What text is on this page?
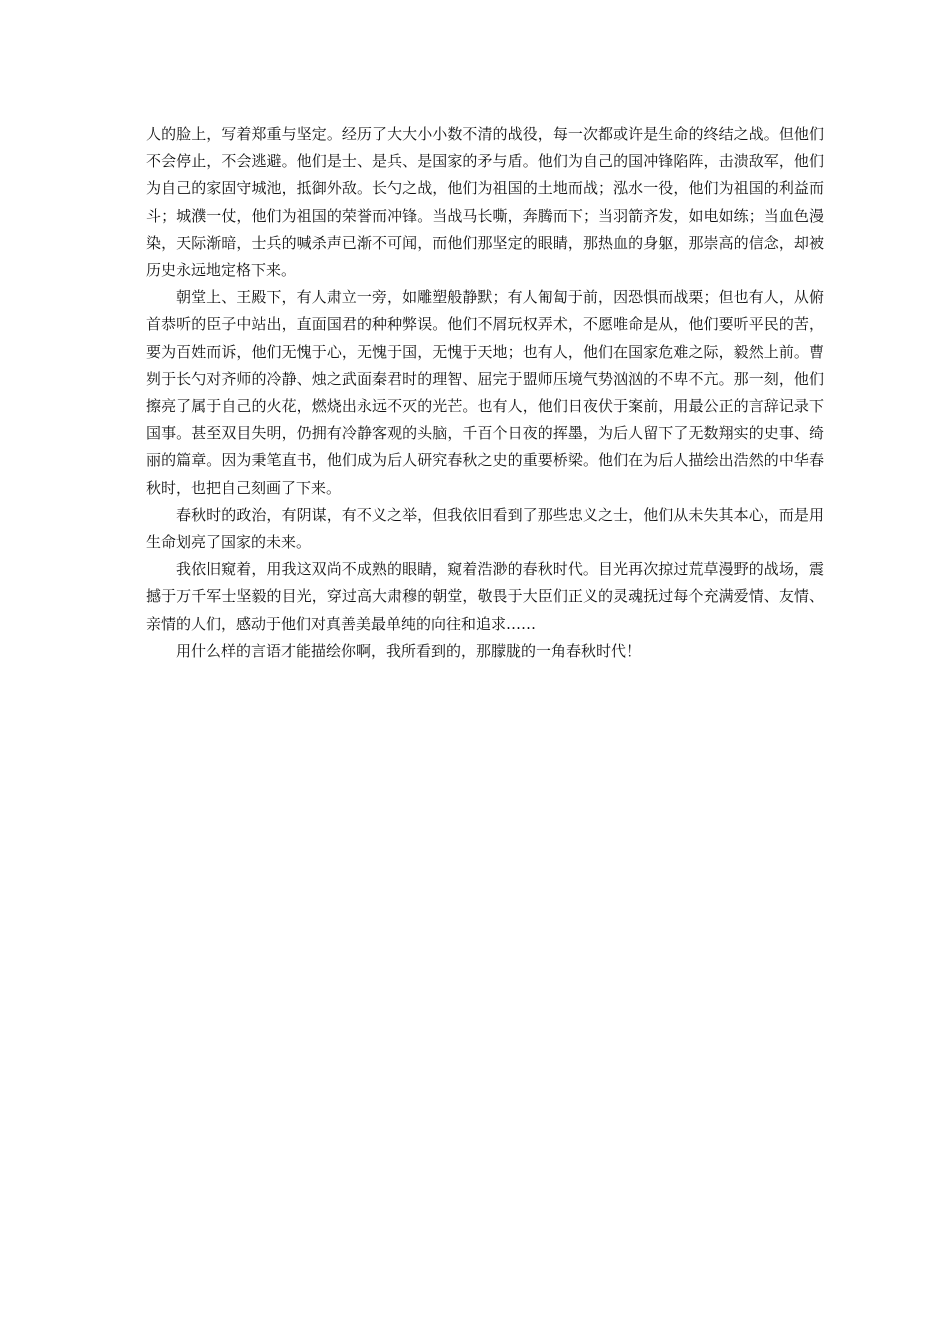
人的脸上，写着郑重与坚定。经历了大大小小数不清的战役，每一次都或许是生命的终结之战。但他们不会停止，不会逃避。他们是士、是兵、是国家的矛与盾。他们为自己的国冲锋陷阵，击溃敌军，他们为自己的家固守城池，抵御外敌。长勺之战，他们为祖国的土地而战；泓水一役，他们为祖国的利益而斗；城濮一仗，他们为祖国的荣誉而冲锋。当战马长嘶，奔腾而下；当羽箭齐发，如电如练；当血色漫染，天际渐暗，士兵的喊杀声已渐不可闻，而他们那坚定的眼睛，那热血的身躯，那崇高的信念，却被历史永远地定格下来。

朝堂上、王殿下，有人肃立一旁，如雕塑般静默；有人匍匐于前，因恐惧而战栗；但也有人，从俯首恭听的臣子中站出，直面国君的种种弊误。他们不屑玩权弄术，不愿唯命是从，他们要听平民的苦，要为百姓而诉，他们无愧于心，无愧于国，无愧于天地；也有人，他们在国家危难之际，毅然上前。曹刿于长勺对齐师的冷静、烛之武面秦君时的理智、屈完于盟师压境气势汹汹的不卑不亢。那一刻，他们擦亮了属于自己的火花，燃烧出永远不灭的光芒。也有人，他们日夜伏于案前，用最公正的言辞记录下国事。甚至双目失明，仍拥有冷静客观的头脑，千百个日夜的挥墨，为后人留下了无数翔实的史事、绮丽的篇章。因为秉笔直书，他们成为后人研究春秋之史的重要桥梁。他们在为后人描绘出浩然的中华春秋时，也把自己刻画了下来。

春秋时的政治，有阴谋，有不义之举，但我依旧看到了那些忠义之士，他们从未失其本心，而是用生命划亮了国家的未来。

我依旧窥着，用我这双尚不成熟的眼睛，窥着浩渺的春秋时代。目光再次掠过荒草漫野的战场，震撼于万千军士坚毅的目光，穿过高大肃穆的朝堂，敬畏于大臣们正义的灵魂抚过每个充满爱情、友情、亲情的人们，感动于他们对真善美最单纯的向往和追求……

用什么样的言语才能描绘你啊，我所看到的，那朦胧的一角春秋时代！
